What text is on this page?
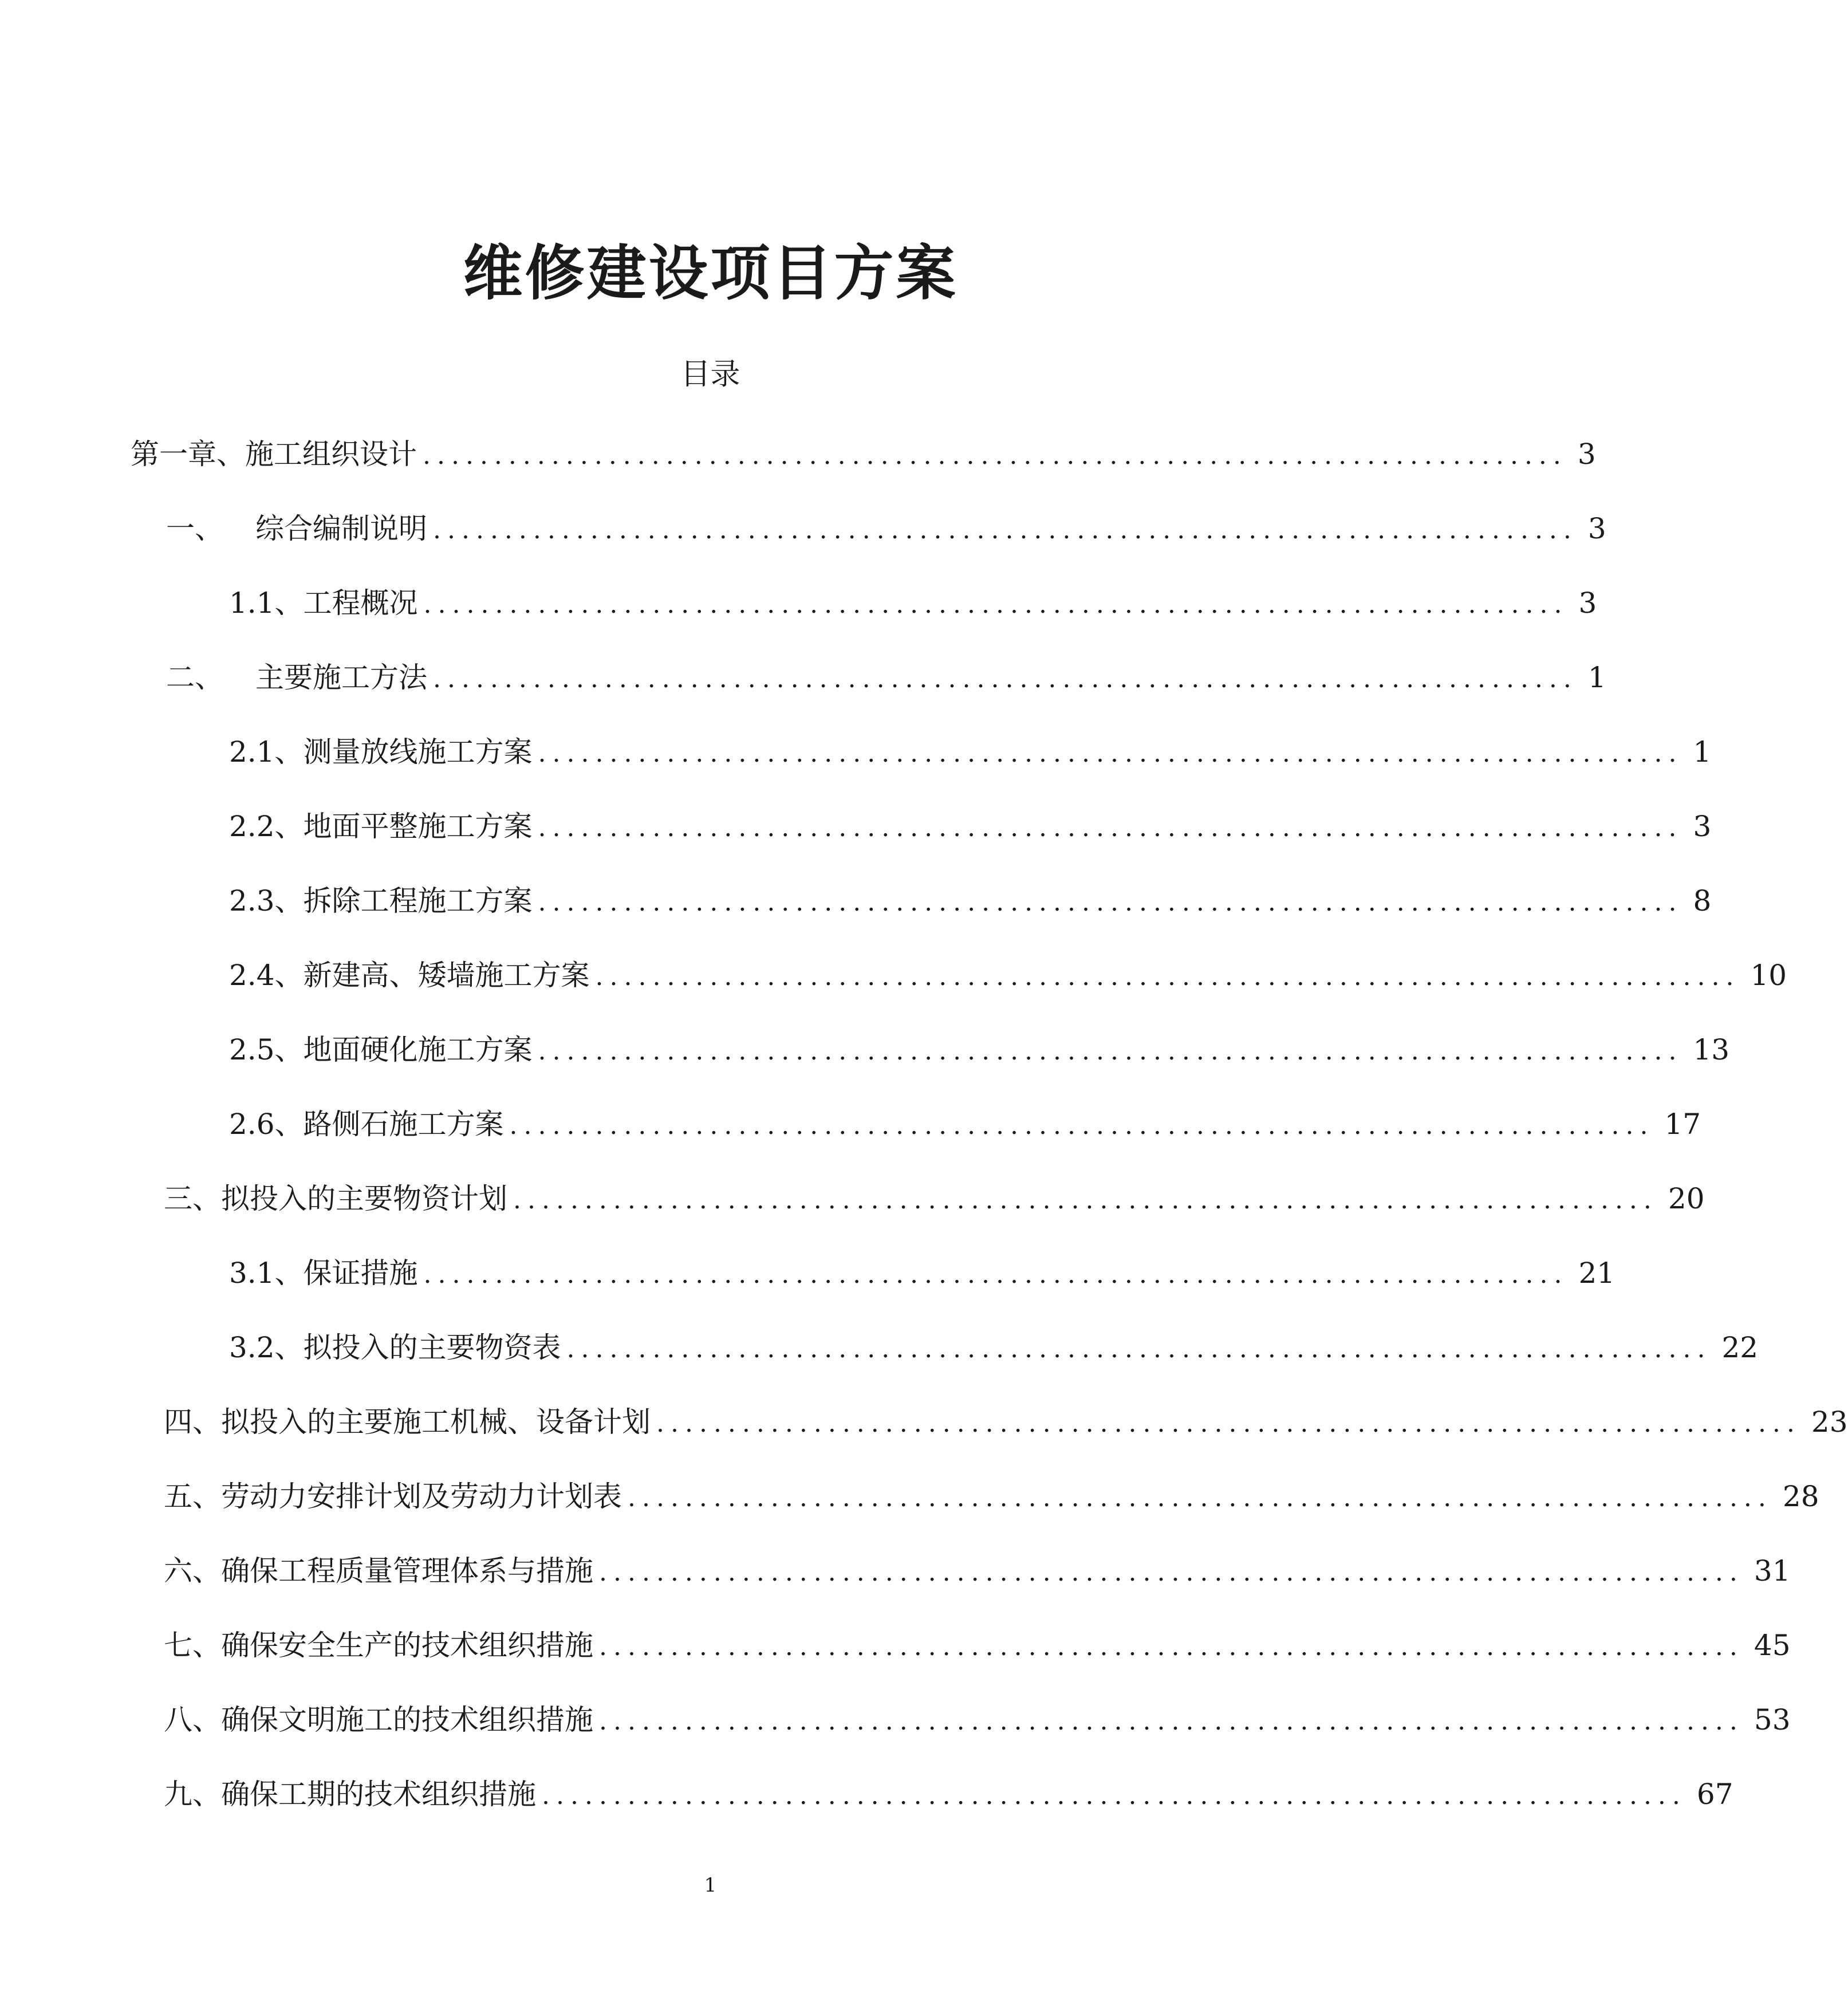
维修建设项目方案
目录
第一章、施工组织设计 ................................................................................ 3
一、 综合编制说明 ................................................................................ 3
1.1、工程概况 ................................................................................ 3
二、 主要施工方法 ................................................................................ 1
2.1、测量放线施工方案 ................................................................................ 1
2.2、地面平整施工方案 ................................................................................ 3
2.3、拆除工程施工方案 ................................................................................ 8
2.4、新建高、矮墙施工方案 ................................................................................ 10
2.5、地面硬化施工方案 ................................................................................ 13
2.6、路侧石施工方案 ................................................................................ 17
三、拟投入的主要物资计划 ................................................................................ 20
3.1、保证措施 ................................................................................ 21
3.2、拟投入的主要物资表 ................................................................................ 22
四、拟投入的主要施工机械、设备计划 ................................................................................ 23
五、劳动力安排计划及劳动力计划表 ................................................................................ 28
六、确保工程质量管理体系与措施 ................................................................................ 31
七、确保安全生产的技术组织措施 ................................................................................ 45
八、确保文明施工的技术组织措施 ................................................................................ 53
九、确保工期的技术组织措施 ................................................................................ 67
1
